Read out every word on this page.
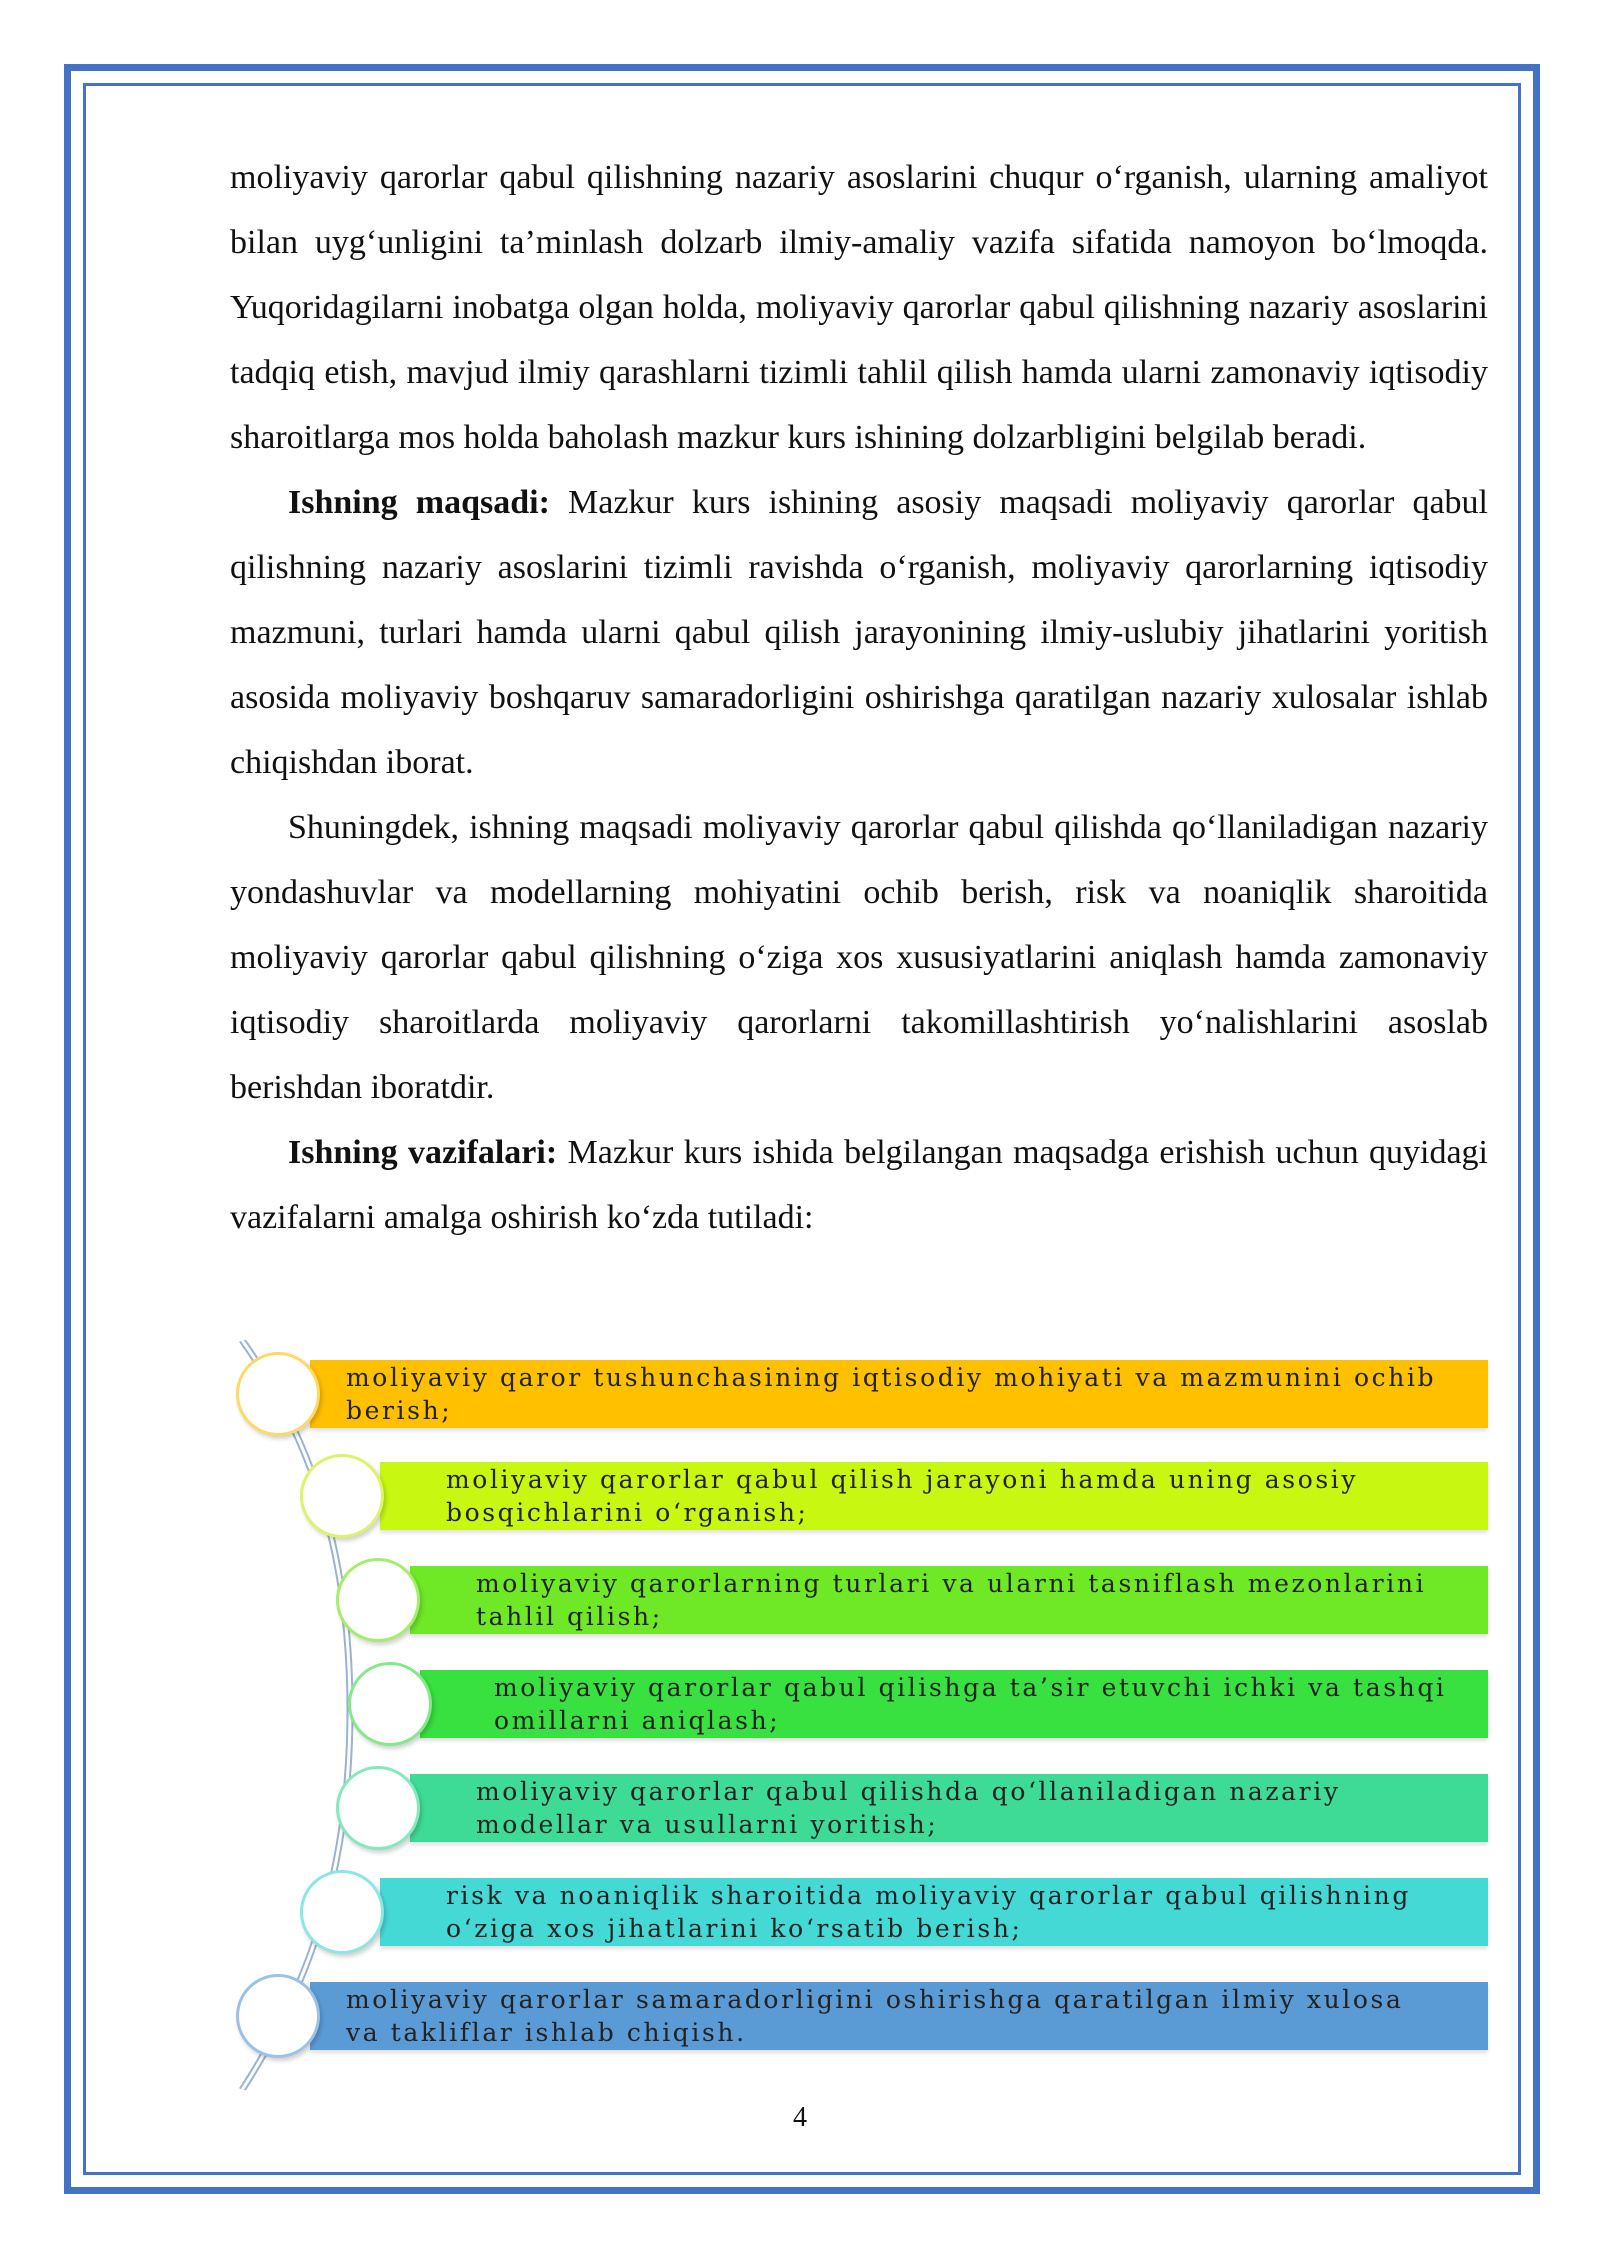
moliyaviy qarorlar qabul qilishning nazariy asoslarini chuqur o‘rganish, ularning amaliyot bilan uyg‘unligini ta’minlash dolzarb ilmiy-amaliy vazifa sifatida namoyon bo‘lmoqda. Yuqoridagilarni inobatga olgan holda, moliyaviy qarorlar qabul qilishning nazariy asoslarini tadqiq etish, mavjud ilmiy qarashlarni tizimli tahlil qilish hamda ularni zamonaviy iqtisodiy sharoitlarga mos holda baholash mazkur kurs ishining dolzarbligini belgilab beradi.

Ishning maqsadi: Mazkur kurs ishining asosiy maqsadi moliyaviy qarorlar qabul qilishning nazariy asoslarini tizimli ravishda o‘rganish, moliyaviy qarorlarning iqtisodiy mazmuni, turlari hamda ularni qabul qilish jarayonining ilmiy-uslubiy jihatlarini yoritish asosida moliyaviy boshqaruv samaradorligini oshirishga qaratilgan nazariy xulosalar ishlab chiqishdan iborat.

Shuningdek, ishning maqsadi moliyaviy qarorlar qabul qilishda qo‘llaniladigan nazariy yondashuvlar va modellarning mohiyatini ochib berish, risk va noaniqlik sharoitida moliyaviy qarorlar qabul qilishning o‘ziga xos xususiyatlarini aniqlash hamda zamonaviy iqtisodiy sharoitlarda moliyaviy qarorlarni takomillashtirish yo‘nalishlarini asoslab berishdan iboratdir.

Ishning vazifalari: Mazkur kurs ishida belgilangan maqsadga erishish uchun quyidagi vazifalarni amalga oshirish ko‘zda tutiladi:

moliyaviy qaror tushunchasining iqtisodiy mohiyati va mazmunini ochib berish;
moliyaviy qarorlar qabul qilish jarayoni hamda uning asosiy bosqichlarini o‘rganish;
moliyaviy qarorlarning turlari va ularni tasniflash mezonlarini tahlil qilish;
moliyaviy qarorlar qabul qilishga ta’sir etuvchi ichki va tashqi omillarni aniqlash;
moliyaviy qarorlar qabul qilishda qo‘llaniladigan nazariy modellar va usullarni yoritish;
risk va noaniqlik sharoitida moliyaviy qarorlar qabul qilishning o‘ziga xos jihatlarini ko‘rsatib berish;
moliyaviy qarorlar samaradorligini oshirishga qaratilgan ilmiy xulosa va takliflar ishlab chiqish.
4
